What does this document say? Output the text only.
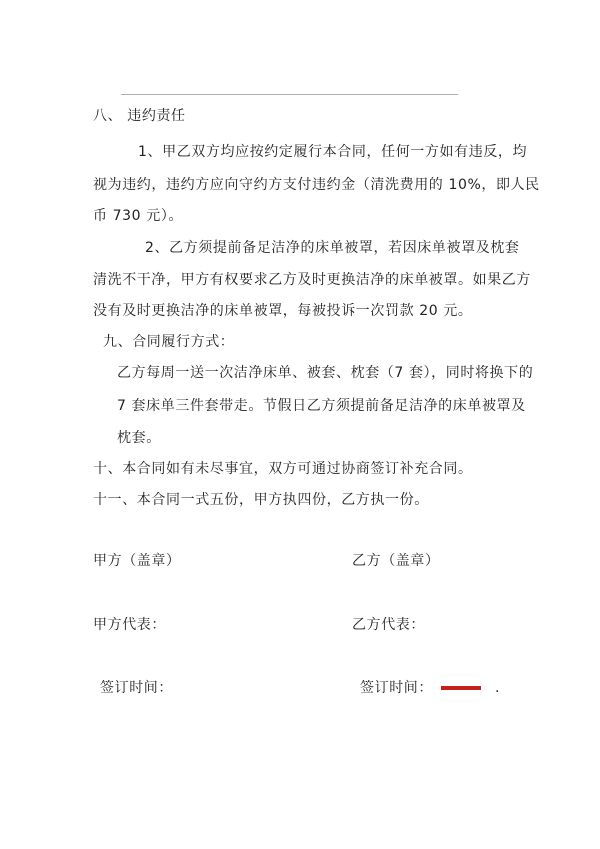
八、 违约责任
1、甲乙双方均应按约定履行本合同，任何一方如有违反，均
视为违约，违约方应向守约方支付违约金（清洗费用的 10%，即人民
币 730 元）。
2、乙方须提前备足洁净的床单被罩，若因床单被罩及枕套
清洗不干净，甲方有权要求乙方及时更换洁净的床单被罩。如果乙方
没有及时更换洁净的床单被罩，每被投诉一次罚款 20 元。
九、合同履行方式：
乙方每周一送一次洁净床单、被套、枕套（7 套），同时将换下的
7 套床单三件套带走。节假日乙方须提前备足洁净的床单被罩及
枕套。
十、本合同如有未尽事宜，双方可通过协商签订补充合同。
十一、本合同一式五份，甲方执四份，乙方执一份。
甲方（盖章）	乙方（盖章）
甲方代表：	乙方代表：
签订时间：	签订时间：	.
